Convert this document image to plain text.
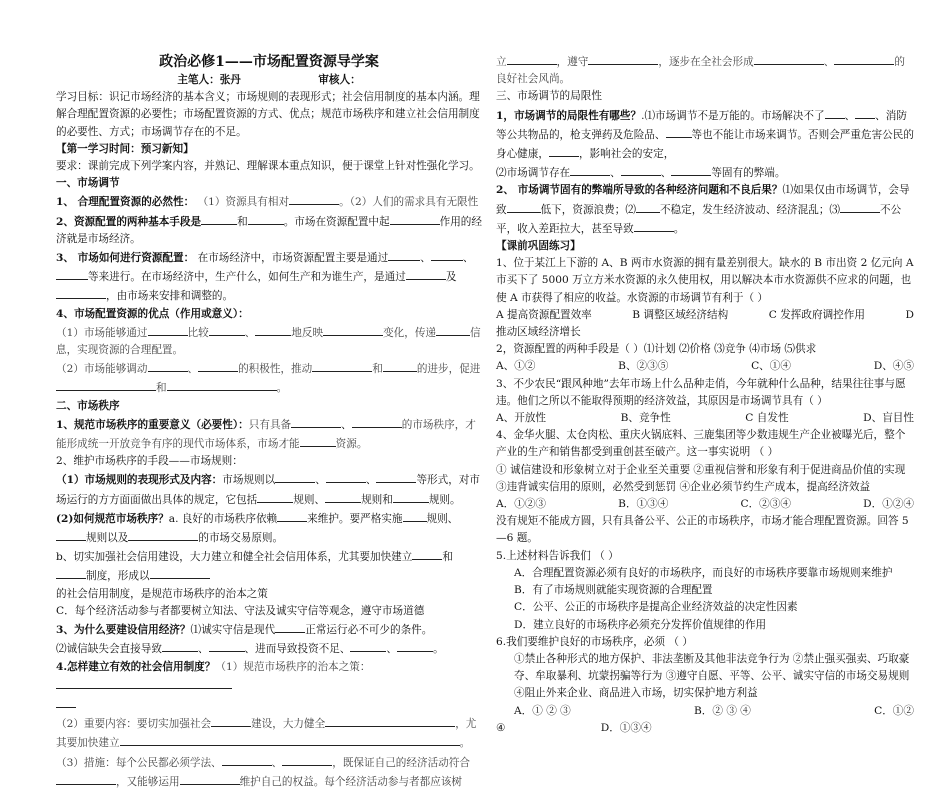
政治必修1——市场配置资源导学案

主笔人：张丹	审核人：

学习目标：识记市场经济的基本含义；市场规则的表现形式；社会信用制度的基本内涵。理解合理配置资源的必要性；市场配置资源的方式、优点；规范市场秩序和建立社会信用制度的必要性、方式；市场调节存在的不足。

【第一学习时间：预习新知】

要求：课前完成下列学案内容，并熟记、理解课本重点知识，便于课堂上针对性强化学习。

一、市场调节

1、 合理配置资源的必然性： （1）资源具有相对	。（2）人们的需求具有无限性

2、资源配置的两种基本手段是	和	。市场在资源配置中起	作用的经济就是市场经济。

3、 市场如何进行资源配置： 在市场经济中，市场资源配置主要是通过	、	、等来进行。在市场经济中，生产什么，如何生产和为谁生产，是通过	及，由市场来安排和调整的。

4、市场配置资源的优点（作用或意义）：

（1）市场能够通过	比较	、	地反映	变化，传递	信息，实现资源的合理配置。

（2）市场能够调动	、	的积极性，推动	和	的进步，促进和	。

二、市场秩序

1、规范市场秩序的重要意义（必要性）：只有具备	、	的市场秩序，才能形成统一开放竞争有序的现代市场体系，市场才能	资源。

2、维护市场秩序的手段——市场规则：

（1）市场规则的表现形式及内容：市场规则以	、	、	等形式，对市场运行的方方面面做出具体的规定，它包括	规则、	规则和	规则。

(2)如何规范市场秩序？a. 良好的市场秩序依赖	来维护。要严格实施 规则、规则以及	的市场交易原则。

b、切实加强社会信用建设，大力建立和健全社会信用体系，尤其要加快建立	和制度，形成以

的社会信用制度，是规范市场秩序的治本之策

C．每个经济活动参与者都要树立知法、守法及诚实守信等观念，遵守市场道德

3、为什么要建设信用经济？⑴诚实守信是现代	正常运行必不可少的条件。

⑵诚信缺失会直接导致	、	、进而导致投资不足、	、	。

4.怎样建立有效的社会信用制度？（1）规范市场秩序的治本之策：

（2）重要内容：要切实加强社会	建设，大力健全	，尤其要加快建立	。

（3）措施：每个公民都必须学法、	、	，既保证自己的经济活动符合，又能够运用	维护自己的权益。每个经济活动参与者都应该树

立	，遵守	，逐步在全社会形成	、	的良好社会风尚。

三、市场调节的局限性

1，市场调节的局限性有哪些？.⑴市场调节不是万能的。市场解决不了 、 、消防等公共物品的，枪支弹药及危险品、 等也不能让市场来调节。否则会严重危害公民的身心健康，	，影响社会的安定，

⑵市场调节存在	、	、	等固有的弊端。

2、 市场调节固有的弊端所导致的各种经济问题和不良后果？⑴如果仅由市场调节，会导致	低下，资源浪费；⑵ 不稳定，发生经济波动、经济混乱；⑶	不公平，收入差距拉大，甚至导致	。

【课前巩固练习】

1、位于某江上下游的 A、B 两市水资源的拥有量差别很大。缺水的 B 市出资 2 亿元向 A 市买下了 5000 万立方米水资源的永久使用权，用以解决本市水资源供不应求的问题，也使 A 市获得了相应的收益。水资源的市场调节有利于（ ）

A 提高资源配置效率	B 调整区域经济结构	C 发挥政府调控作用	D

推动区域经济增长

2，资源配置的两种手段是（ ）⑴计划 ⑵价格 ⑶竞争 ⑷市场 ⑸供求

A、①②	B、②③⑤	C、①④	D、④⑤

3、不少农民“跟风种地”去年市场上什么品种走俏，今年就种什么品种，结果往往事与愿违。他们之所以不能取得预期的经济效益，其原因是市场调节具有（ ）

A、开放性	B、竞争性	C 自发性	D、盲目性

4、金华火腿、太仓肉松、重庆火锅底料、三鹿集团等少数违规生产企业被曝光后，整个产业的生产和销售都受到重创甚至破产。这一事实说明 （ ）

① 诚信建设和形象树立对于企业至关重要 ②重视信誉和形象有利于促进商品价值的实现 ③违背诚实信用的原则，必然受到惩罚 ④企业必须节约生产成本，提高经济效益

A．①②③	B．①③④	C．②③④	D．①②④

没有规矩不能成方圆，只有具备公平、公正的市场秩序，市场才能合理配置资源。回答 5—6 题。

5.上述材料告诉我们 （ ）

A．合理配置资源必须有良好的市场秩序，而良好的市场秩序要靠市场规则来维护

B．有了市场规则就能实现资源的合理配置

C．公平、公正的市场秩序是提高企业经济效益的决定性因素

D．建立良好的市场秩序必须充分发挥价值规律的作用

6.我们要维护良好的市场秩序，必须 （ ）

①禁止各种形式的地方保护、非法垄断及其他非法竞争行为 ②禁止强买强卖、巧取豪夺、牟取暴利、坑蒙拐骗等行为 ③遵守自愿、平等、公平、诚实守信的市场交易规则 ④阻止外来企业、商品进入市场，切实保护地方利益

A．① ② ③	B．② ③ ④	C．①②

④	D．①③④
